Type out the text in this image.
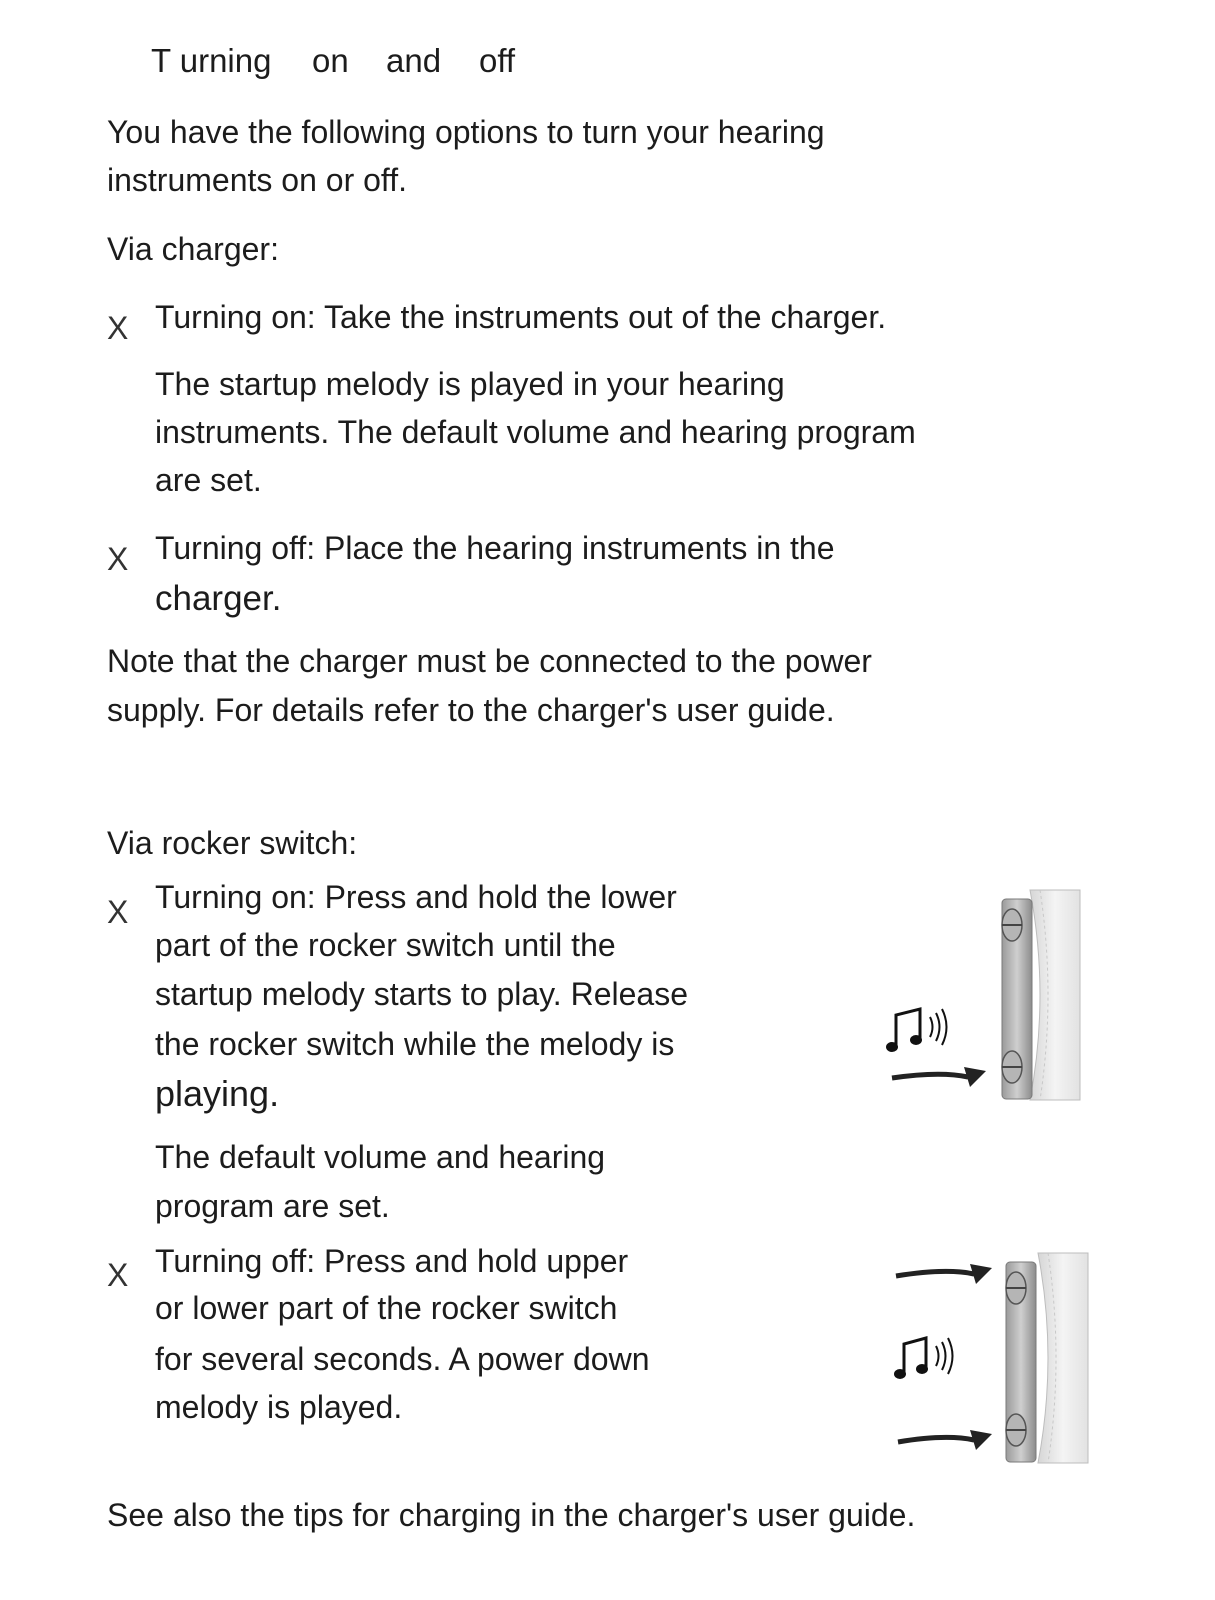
T urning on and off
You have the following options to turn your hearing
instruments on or off.
Via charger:
X Turning on: Take the instruments out of the charger.
The startup melody is played in your hearing
instruments. The default volume and hearing program
are set.
X Turning off: Place the hearing instruments in the
charger.
Note that the charger must be connected to the power
supply. For details refer to the charger's user guide.
Via rocker switch:
X Turning on: Press and hold the lower
part of the rocker switch until the
startup melody starts to play. Release
the rocker switch while the melody is
playing.
The default volume and hearing
program are set.
X Turning off: Press and hold upper
or lower part of the rocker switch
for several seconds. A power down
melody is played.
See also the tips for charging in the charger's user guide.
